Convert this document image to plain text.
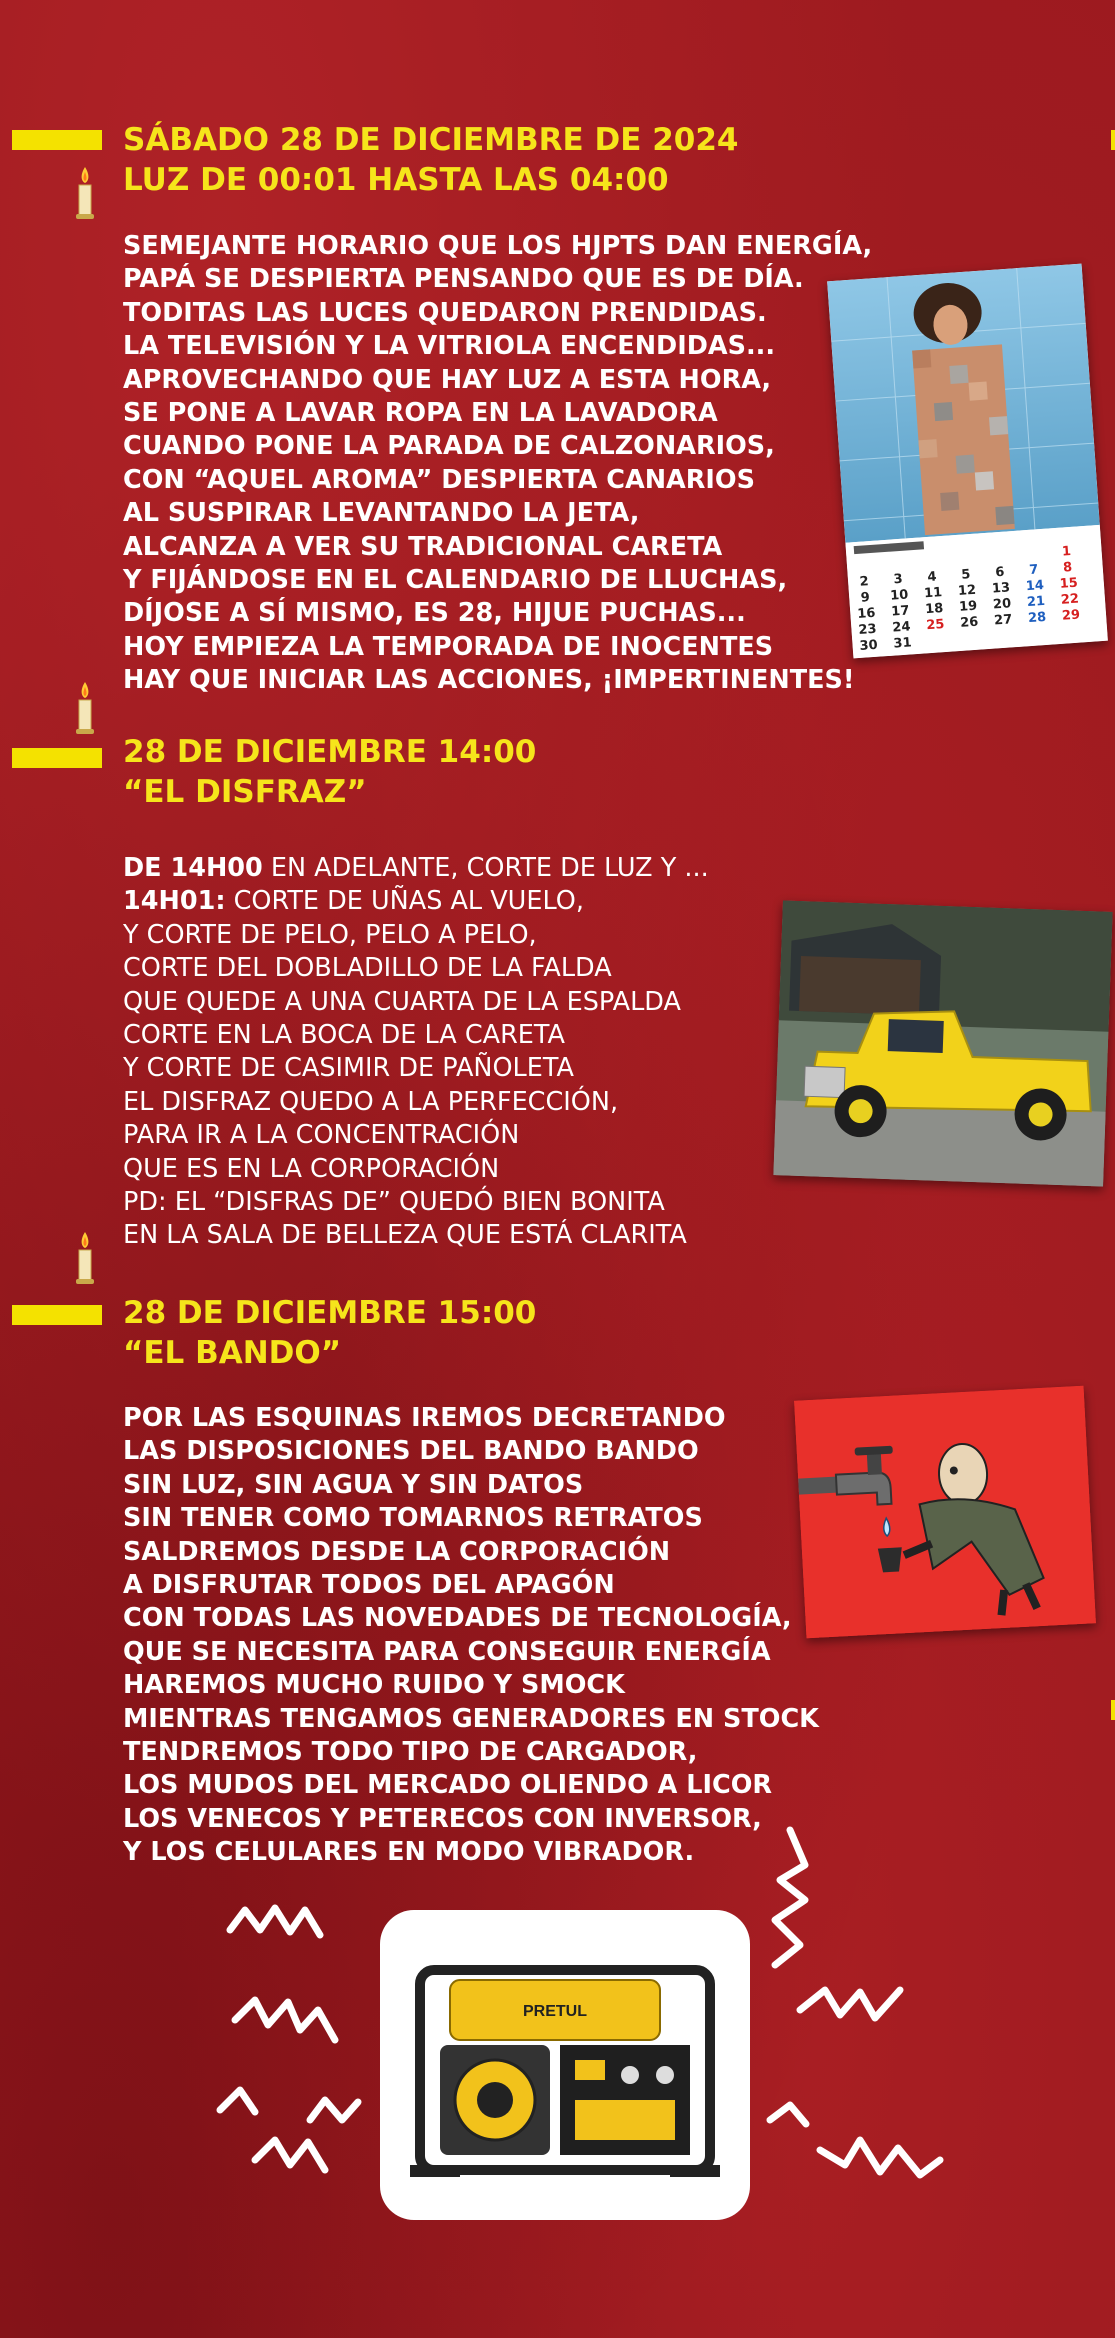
SÁBADO 28 DE DICIEMBRE DE 2024
LUZ DE 00:01 HASTA LAS 04:00
SEMEJANTE HORARIO QUE LOS HJPTS DAN ENERGÍA,
PAPÁ SE DESPIERTA PENSANDO QUE ES DE DÍA.
TODITAS LAS LUCES QUEDARON PRENDIDAS.
LA TELEVISIÓN Y LA VITRIOLA ENCENDIDAS...
APROVECHANDO QUE HAY LUZ A ESTA HORA,
SE PONE A LAVAR ROPA EN LA LAVADORA
CUANDO PONE LA PARADA DE CALZONARIOS,
CON “AQUEL AROMA” DESPIERTA CANARIOS
AL SUSPIRAR LEVANTANDO LA JETA,
ALCANZA A VER SU TRADICIONAL CARETA
Y FIJÁNDOSE EN EL CALENDARIO DE LLUCHAS,
DÍJOSE A SÍ MISMO, ES 28, HIJUE PUCHAS...
HOY EMPIEZA LA TEMPORADA DE INOCENTES
HAY QUE INICIAR LAS ACCIONES, ¡IMPERTINENTES!
1
2 3 4 5 6 7 8
9 10 11 12 13 14 15
16 17 18 19 20 21 22
23 24 25 26 27 28 29
30 31
28 DE DICIEMBRE 14:00
“EL DISFRAZ”
DE 14H00 EN ADELANTE, CORTE DE LUZ Y ...
14H01: CORTE DE UÑAS AL VUELO,
Y CORTE DE PELO, PELO A PELO,
CORTE DEL DOBLADILLO DE LA FALDA
QUE QUEDE A UNA CUARTA DE LA ESPALDA
CORTE EN LA BOCA DE LA CARETA
Y CORTE DE CASIMIR DE PAÑOLETA
EL DISFRAZ QUEDO A LA PERFECCIÓN,
PARA IR A LA CONCENTRACIÓN
QUE ES EN LA CORPORACIÓN
PD: EL “DISFRAS DE” QUEDÓ BIEN BONITA
EN LA SALA DE BELLEZA QUE ESTÁ CLARITA
28 DE DICIEMBRE 15:00
“EL BANDO”
POR LAS ESQUINAS IREMOS DECRETANDO
LAS DISPOSICIONES DEL BANDO BANDO
SIN LUZ, SIN AGUA Y SIN DATOS
SIN TENER COMO TOMARNOS RETRATOS
SALDREMOS DESDE LA CORPORACIÓN
A DISFRUTAR TODOS DEL APAGÓN
CON TODAS LAS NOVEDADES DE TECNOLOGÍA,
QUE SE NECESITA PARA CONSEGUIR ENERGÍA
HAREMOS MUCHO RUIDO Y SMOCK
MIENTRAS TENGAMOS GENERADORES EN STOCK
TENDREMOS TODO TIPO DE CARGADOR,
LOS MUDOS DEL MERCADO OLIENDO A LICOR
LOS VENECOS Y PETERECOS CON INVERSOR,
Y LOS CELULARES EN MODO VIBRADOR.
PRETUL
